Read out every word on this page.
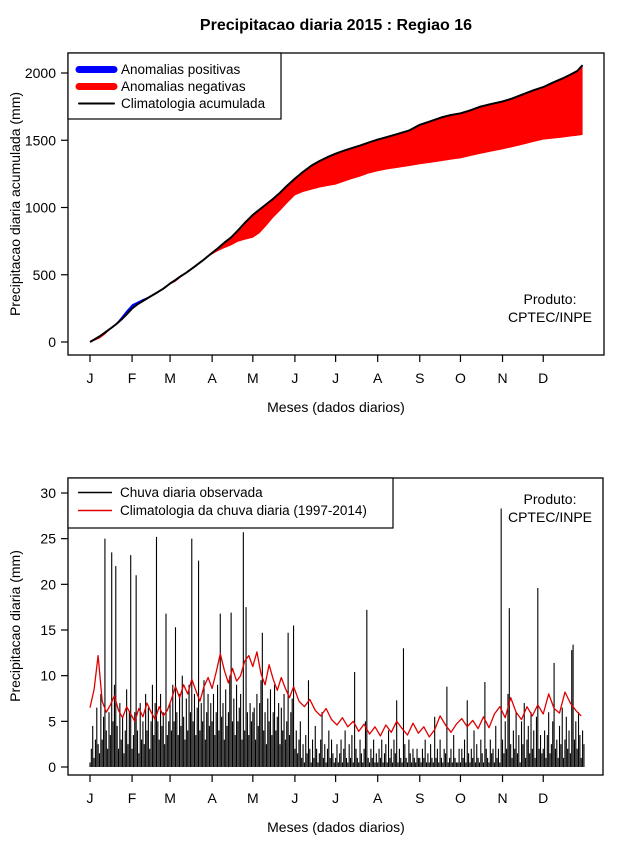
0
500
1000
1500
2000
J F M A M J J A S O N D
Precipitacao diaria 2015 : Regiao 16
Meses (dados diarios)
Precipitacao diaria acumulada (mm)	Produto:
CPTEC/INPE
Anomalias positivas
Anomalias negativas
Climatologia acumulada
0
5
10
15
20
25
30
J F M A M J J A S O N D
Meses (dados diarios)
Precipitacao diaria (mm)
Produto:
CPTEC/INPE
Chuva diaria observada
Climatologia da chuva diaria (1997-2014)
